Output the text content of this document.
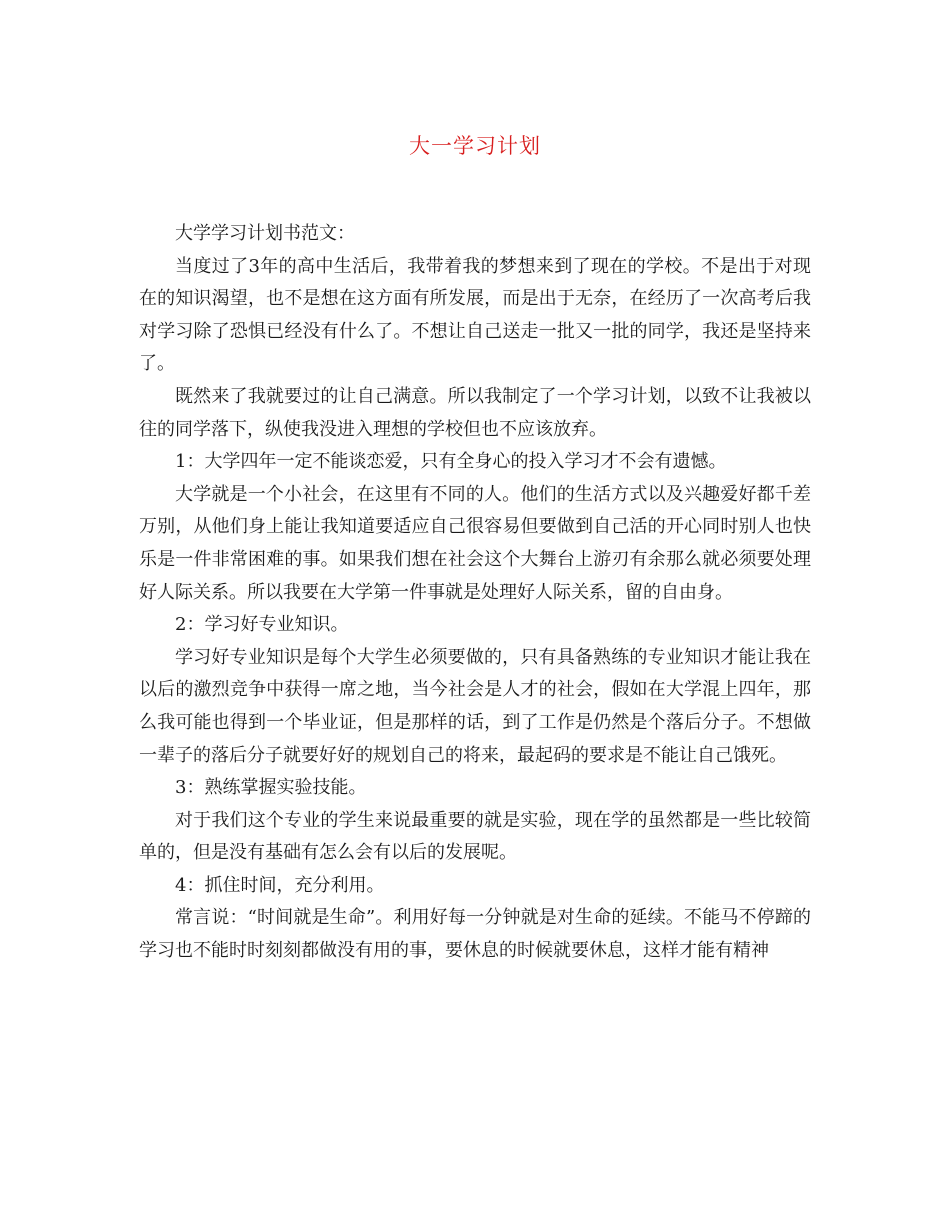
大一学习计划

大学学习计划书范文：

当度过了3年的高中生活后，我带着我的梦想来到了现在的学校。不是出于对现在的知识渴望，也不是想在这方面有所发展，而是出于无奈，在经历了一次高考后我对学习除了恐惧已经没有什么了。不想让自己送走一批又一批的同学，我还是坚持来了。

既然来了我就要过的让自己满意。所以我制定了一个学习计划，以致不让我被以往的同学落下，纵使我没进入理想的学校但也不应该放弃。

1：大学四年一定不能谈恋爱，只有全身心的投入学习才不会有遗憾。

大学就是一个小社会，在这里有不同的人。他们的生活方式以及兴趣爱好都千差万别，从他们身上能让我知道要适应自己很容易但要做到自己活的开心同时别人也快乐是一件非常困难的事。如果我们想在社会这个大舞台上游刃有余那么就必须要处理好人际关系。所以我要在大学第一件事就是处理好人际关系，留的自由身。

2：学习好专业知识。

学习好专业知识是每个大学生必须要做的，只有具备熟练的专业知识才能让我在以后的激烈竞争中获得一席之地，当今社会是人才的社会，假如在大学混上四年，那么我可能也得到一个毕业证，但是那样的话，到了工作是仍然是个落后分子。不想做一辈子的落后分子就要好好的规划自己的将来，最起码的要求是不能让自己饿死。

3：熟练掌握实验技能。

对于我们这个专业的学生来说最重要的就是实验，现在学的虽然都是一些比较简单的，但是没有基础有怎么会有以后的发展呢。

4：抓住时间，充分利用。

常言说：“时间就是生命”。利用好每一分钟就是对生命的延续。不能马不停蹄的学习也不能时时刻刻都做没有用的事，要休息的时候就要休息，这样才能有精神
